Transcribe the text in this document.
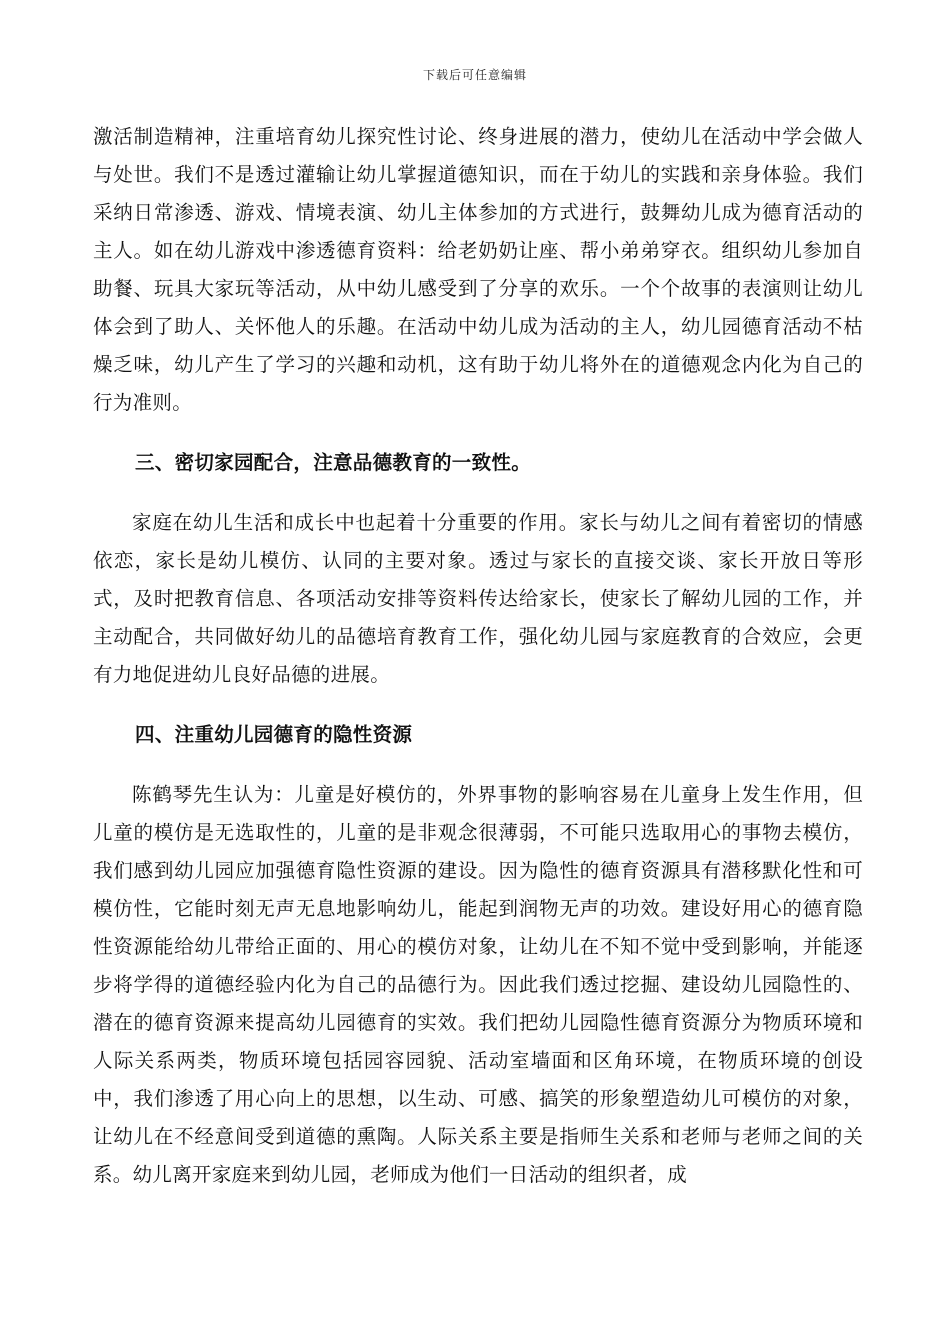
下载后可任意编辑

激活制造精神，注重培育幼儿探究性讨论、终身进展的潜力，使幼儿在活动中学会做人与处世。我们不是透过灌输让幼儿掌握道德知识，而在于幼儿的实践和亲身体验。我们采纳日常渗透、游戏、情境表演、幼儿主体参加的方式进行，鼓舞幼儿成为德育活动的主人。如在幼儿游戏中渗透德育资料：给老奶奶让座、帮小弟弟穿衣。组织幼儿参加自助餐、玩具大家玩等活动，从中幼儿感受到了分享的欢乐。一个个故事的表演则让幼儿体会到了助人、关怀他人的乐趣。在活动中幼儿成为活动的主人，幼儿园德育活动不枯燥乏味，幼儿产生了学习的兴趣和动机，这有助于幼儿将外在的道德观念内化为自己的行为准则。

三、密切家园配合，注意品德教育的一致性。

家庭在幼儿生活和成长中也起着十分重要的作用。家长与幼儿之间有着密切的情感依恋，家长是幼儿模仿、认同的主要对象。透过与家长的直接交谈、家长开放日等形式，及时把教育信息、各项活动安排等资料传达给家长，使家长了解幼儿园的工作，并主动配合，共同做好幼儿的品德培育教育工作，强化幼儿园与家庭教育的合效应，会更有力地促进幼儿良好品德的进展。

四、注重幼儿园德育的隐性资源

陈鹤琴先生认为：儿童是好模仿的，外界事物的影响容易在儿童身上发生作用，但儿童的模仿是无选取性的，儿童的是非观念很薄弱，不可能只选取用心的事物去模仿，我们感到幼儿园应加强德育隐性资源的建设。因为隐性的德育资源具有潜移默化性和可模仿性，它能时刻无声无息地影响幼儿，能起到润物无声的功效。建设好用心的德育隐性资源能给幼儿带给正面的、用心的模仿对象，让幼儿在不知不觉中受到影响，并能逐步将学得的道德经验内化为自己的品德行为。因此我们透过挖掘、建设幼儿园隐性的、潜在的德育资源来提高幼儿园德育的实效。我们把幼儿园隐性德育资源分为物质环境和人际关系两类，物质环境包括园容园貌、活动室墙面和区角环境，在物质环境的创设中，我们渗透了用心向上的思想，以生动、可感、搞笑的形象塑造幼儿可模仿的对象，让幼儿在不经意间受到道德的熏陶。人际关系主要是指师生关系和老师与老师之间的关系。幼儿离开家庭来到幼儿园，老师成为他们一日活动的组织者，成
